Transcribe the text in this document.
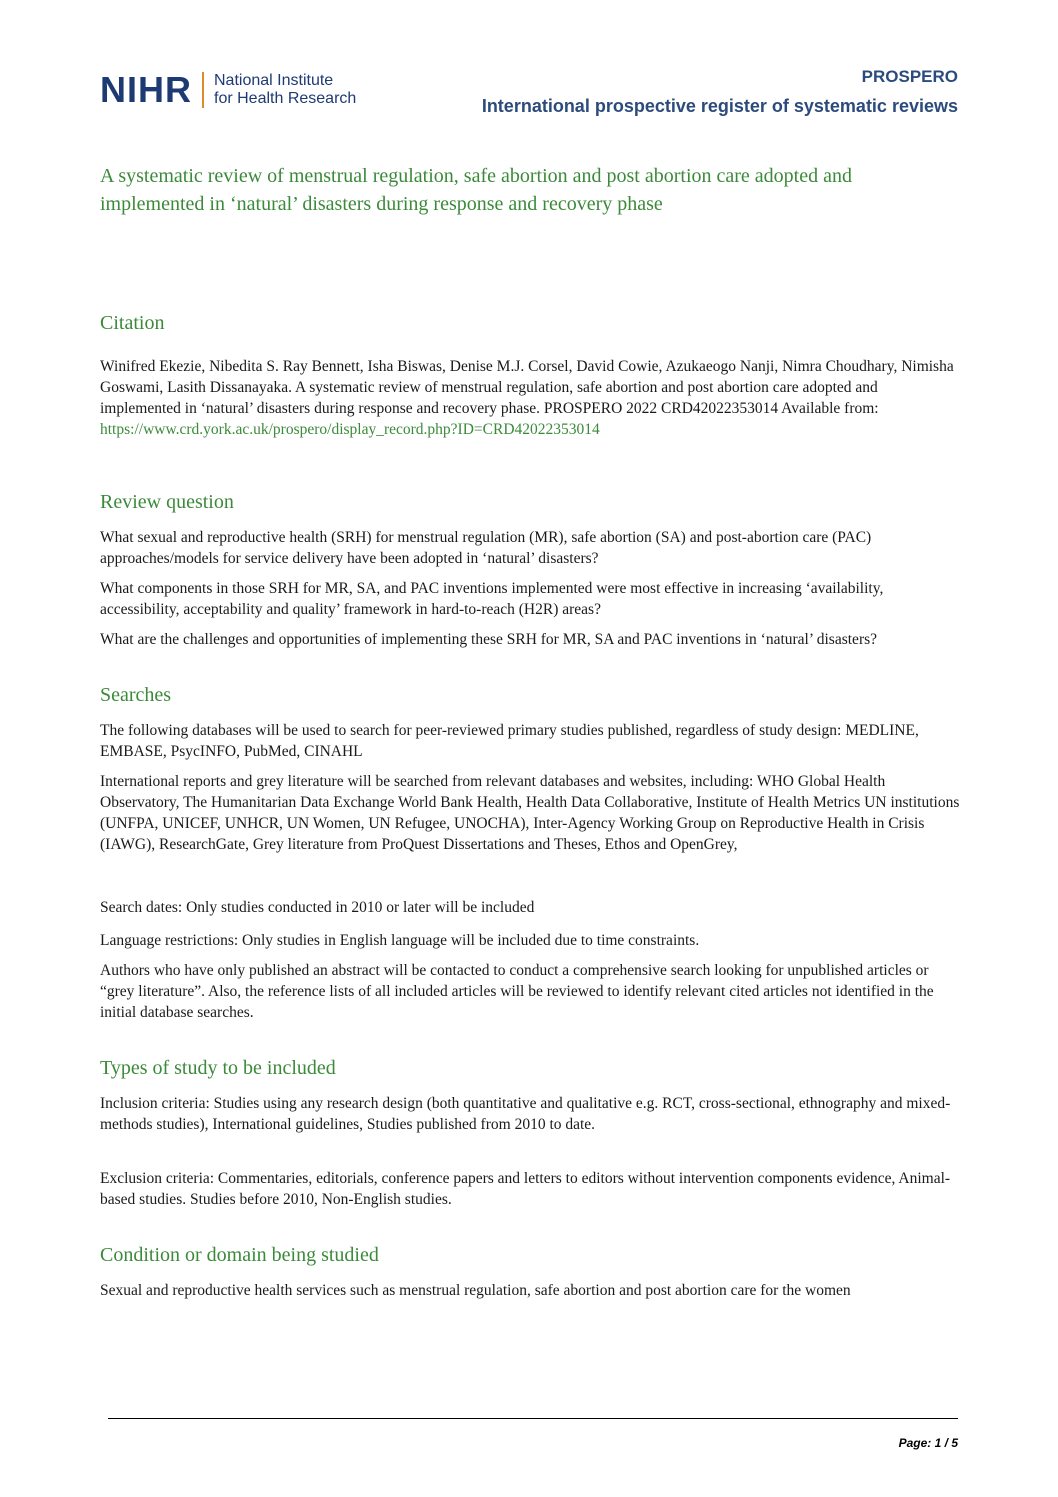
NIHR National Institute
for Health Research
PROSPERO
International prospective register of systematic reviews
A systematic review of menstrual regulation, safe abortion and post abortion care adopted and
implemented in ‘natural’ disasters during response and recovery phase
Citation

Winifred Ekezie, Nibedita S. Ray Bennett, Isha Biswas, Denise M.J. Corsel, David Cowie, Azukaeogo Nanji, Nimra Choudhary, Nimisha Goswami, Lasith Dissanayaka. A systematic review of menstrual regulation, safe abortion and post abortion care adopted and implemented in ‘natural’ disasters during response and recovery phase. PROSPERO 2022 CRD42022353014 Available from: https://www.crd.york.ac.uk/prospero/display_record.php?ID=CRD42022353014

Review question

What sexual and reproductive health (SRH) for menstrual regulation (MR), safe abortion (SA) and post-abortion care (PAC) approaches/models for service delivery have been adopted in ‘natural’ disasters?

What components in those SRH for MR, SA, and PAC inventions implemented were most effective in increasing ‘availability, accessibility, acceptability and quality’ framework in hard-to-reach (H2R) areas?

What are the challenges and opportunities of implementing these SRH for MR, SA and PAC inventions in ‘natural’ disasters?

Searches

The following databases will be used to search for peer-reviewed primary studies published, regardless of study design: MEDLINE, EMBASE, PsycINFO, PubMed, CINAHL

International reports and grey literature will be searched from relevant databases and websites, including: WHO Global Health Observatory, The Humanitarian Data Exchange World Bank Health, Health Data Collaborative, Institute of Health Metrics UN institutions (UNFPA, UNICEF, UNHCR, UN Women, UN Refugee, UNOCHA), Inter-Agency Working Group on Reproductive Health in Crisis (IAWG), ResearchGate, Grey literature from ProQuest Dissertations and Theses, Ethos and OpenGrey,

Search dates: Only studies conducted in 2010 or later will be included

Language restrictions: Only studies in English language will be included due to time constraints.

Authors who have only published an abstract will be contacted to conduct a comprehensive search looking for unpublished articles or “grey literature”. Also, the reference lists of all included articles will be reviewed to identify relevant cited articles not identified in the initial database searches.

Types of study to be included

Inclusion criteria: Studies using any research design (both quantitative and qualitative e.g. RCT, cross-sectional, ethnography and mixed-methods studies), International guidelines, Studies published from 2010 to date.

Exclusion criteria: Commentaries, editorials, conference papers and letters to editors without intervention components evidence, Animal-based studies. Studies before 2010, Non-English studies.

Condition or domain being studied

Sexual and reproductive health services such as menstrual regulation, safe abortion and post abortion care for the women

Page: 1 / 5
